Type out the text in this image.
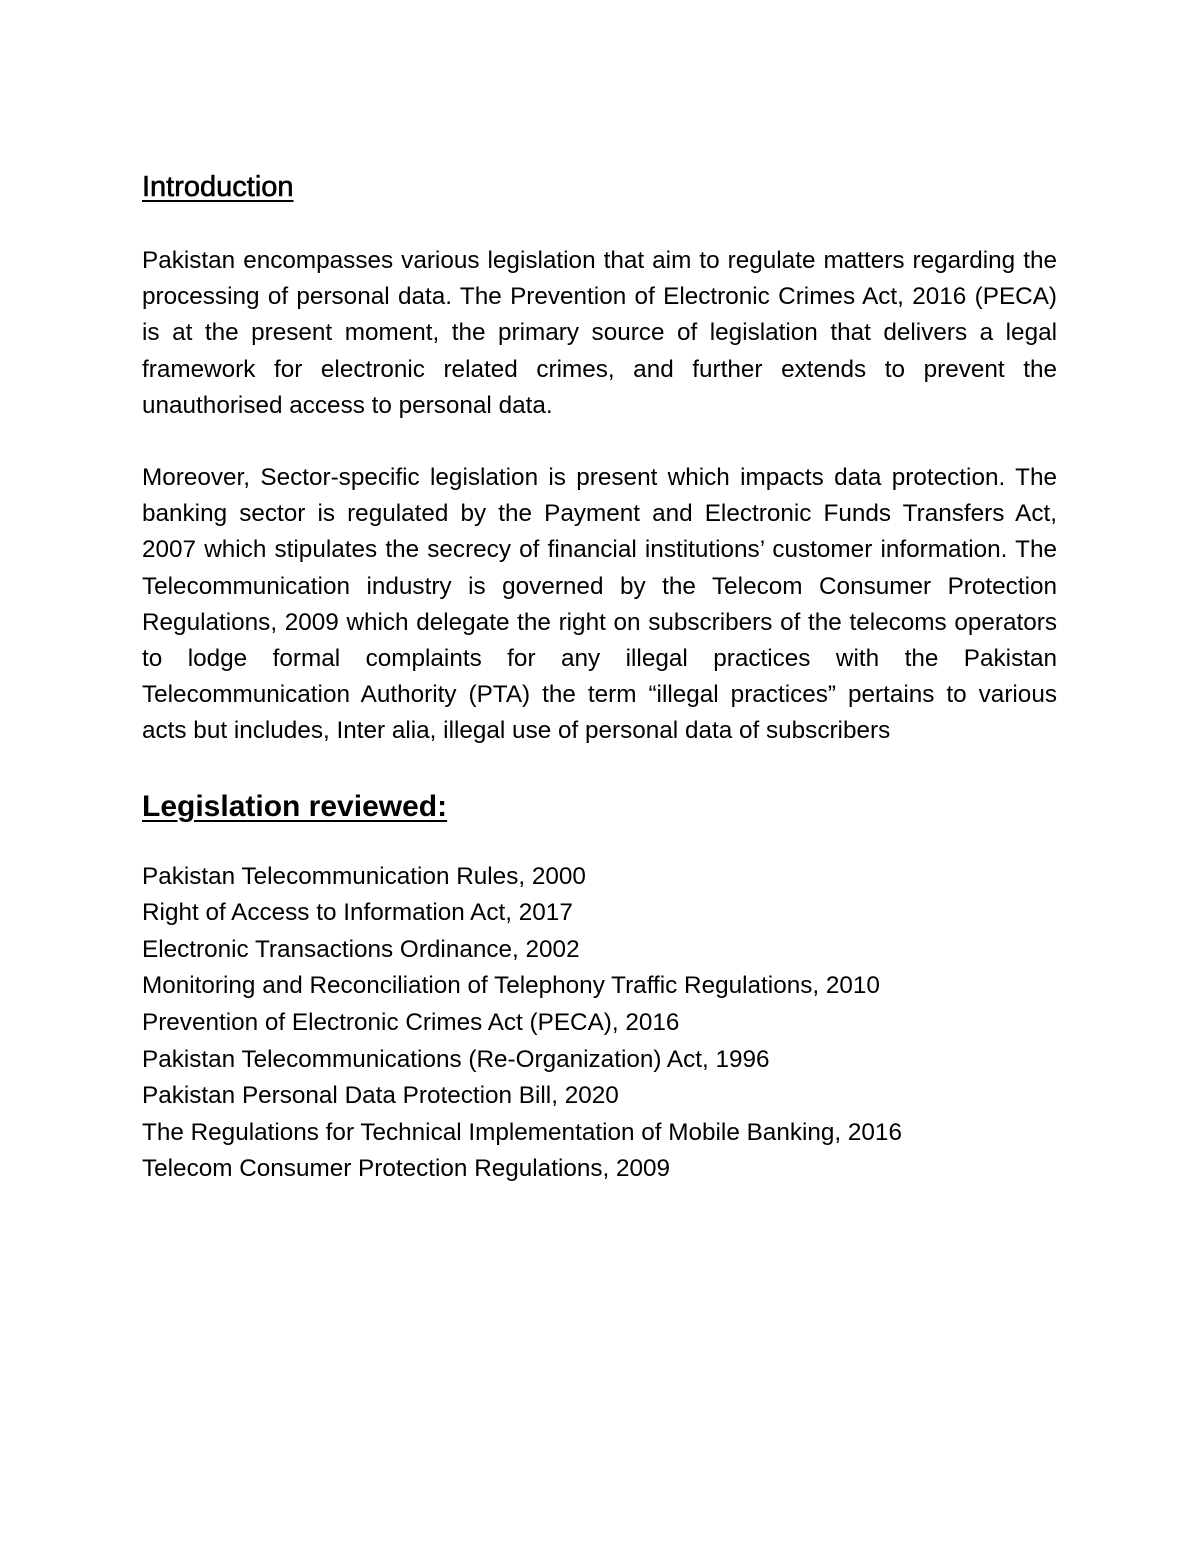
Introduction

Pakistan encompasses various legislation that aim to regulate matters regarding the processing of personal data. The Prevention of Electronic Crimes Act, 2016 (PECA) is at the present moment, the primary source of legislation that delivers a legal framework for electronic related crimes, and further extends to prevent the unauthorised access to personal data.

Moreover, Sector-specific legislation is present which impacts data protection. The banking sector is regulated by the Payment and Electronic Funds Transfers Act, 2007 which stipulates the secrecy of financial institutions’ customer information. The Telecommunication industry is governed by the Telecom Consumer Protection Regulations, 2009 which delegate the right on subscribers of the telecoms operators to lodge formal complaints for any illegal practices with the Pakistan Telecommunication Authority (PTA) the term “illegal practices” pertains to various acts but includes, Inter alia, illegal use of personal data of subscribers

Legislation reviewed:
Pakistan Telecommunication Rules, 2000
Right of Access to Information Act, 2017
Electronic Transactions Ordinance, 2002
Monitoring and Reconciliation of Telephony Traffic Regulations, 2010
Prevention of Electronic Crimes Act (PECA), 2016
Pakistan Telecommunications (Re-Organization) Act, 1996
Pakistan Personal Data Protection Bill, 2020
The Regulations for Technical Implementation of Mobile Banking, 2016
Telecom Consumer Protection Regulations, 2009
